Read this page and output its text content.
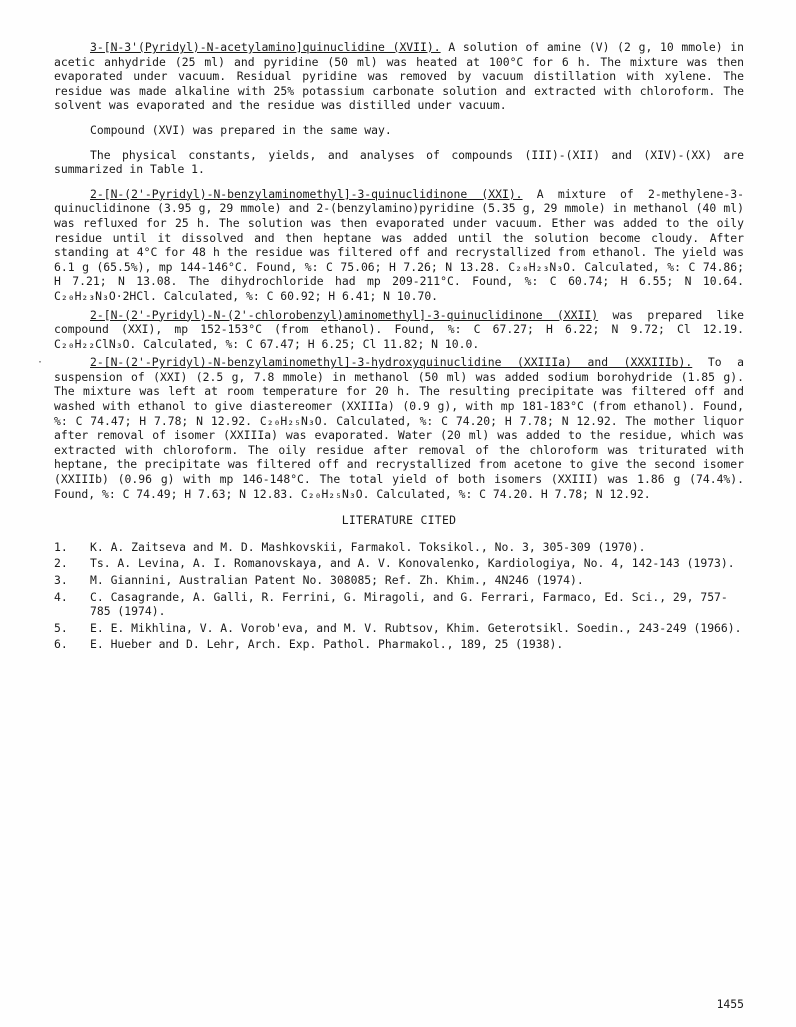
3-[N-3'(Pyridyl)-N-acetylamino]quinuclidine (XVII). A solution of amine (V) (2 g, 10 mmole) in acetic anhydride (25 ml) and pyridine (50 ml) was heated at 100°C for 6 h. The mixture was then evaporated under vacuum. Residual pyridine was removed by vacuum distillation with xylene. The residue was made alkaline with 25% potassium carbonate solution and extracted with chloroform. The solvent was evaporated and the residue was distilled under vacuum.

Compound (XVI) was prepared in the same way.

The physical constants, yields, and analyses of compounds (III)-(XII) and (XIV)-(XX) are summarized in Table 1.

2-[N-(2'-Pyridyl)-N-benzylaminomethyl]-3-quinuclidinone (XXI). A mixture of 2-methylene-3-quinuclidinone (3.95 g, 29 mmole) and 2-(benzylamino)pyridine (5.35 g, 29 mmole) in methanol (40 ml) was refluxed for 25 h. The solution was then evaporated under vacuum. Ether was added to the oily residue until it dissolved and then heptane was added until the solution become cloudy. After standing at 4°C for 48 h the residue was filtered off and recrystallized from ethanol. The yield was 6.1 g (65.5%), mp 144-146°C. Found, %: C 75.06; H 7.26; N 13.28. C₂₀H₂₃N₃O. Calculated, %: C 74.86; H 7.21; N 13.08. The dihydrochloride had mp 209-211°C. Found, %: C 60.74; H 6.55; N 10.64. C₂₀H₂₃N₃O·2HCl. Calculated, %: C 60.92; H 6.41; N 10.70.

2-[N-(2'-Pyridyl)-N-(2'-chlorobenzyl)aminomethyl]-3-quinuclidinone (XXII) was prepared like compound (XXI), mp 152-153°C (from ethanol). Found, %: C 67.27; H 6.22; N 9.72; Cl 12.19. C₂₀H₂₂ClN₃O. Calculated, %: C 67.47; H 6.25; Cl 11.82; N 10.0.

2-[N-(2'-Pyridyl)-N-benzylaminomethyl]-3-hydroxyquinuclidine (XXIIIa) and (XXXIIIb). To a suspension of (XXI) (2.5 g, 7.8 mmole) in methanol (50 ml) was added sodium borohydride (1.85 g). The mixture was left at room temperature for 20 h. The resulting precipitate was filtered off and washed with ethanol to give diastereomer (XXIIIa) (0.9 g), with mp 181-183°C (from ethanol). Found, %: C 74.47; H 7.78; N 12.92. C₂₀H₂₅N₃O. Calculated, %: C 74.20; H 7.78; N 12.92. The mother liquor after removal of isomer (XXIIIa) was evaporated. Water (20 ml) was added to the residue, which was extracted with chloroform. The oily residue after removal of the chloroform was triturated with heptane, the precipitate was filtered off and recrystallized from acetone to give the second isomer (XXIIIb) (0.96 g) with mp 146-148°C. The total yield of both isomers (XXIII) was 1.86 g (74.4%). Found, %: C 74.49; H 7.63; N 12.83. C₂₀H₂₅N₃O. Calculated, %: C 74.20. H 7.78; N 12.92.

LITERATURE CITED
1.	K. A. Zaitseva and M. D. Mashkovskii, Farmakol. Toksikol., No. 3, 305-309 (1970).
2.	Ts. A. Levina, A. I. Romanovskaya, and A. V. Konovalenko, Kardiologiya, No. 4, 142-143 (1973).
3.	M. Giannini, Australian Patent No. 308085; Ref. Zh. Khim., 4N246 (1974).
4.	C. Casagrande, A. Galli, R. Ferrini, G. Miragoli, and G. Ferrari, Farmaco, Ed. Sci., 29, 757-785 (1974).
5.	E. E. Mikhlina, V. A. Vorob'eva, and M. V. Rubtsov, Khim. Geterotsikl. Soedin., 243-249 (1966).
6.	E. Hueber and D. Lehr, Arch. Exp. Pathol. Pharmakol., 189, 25 (1938).
·
1455
